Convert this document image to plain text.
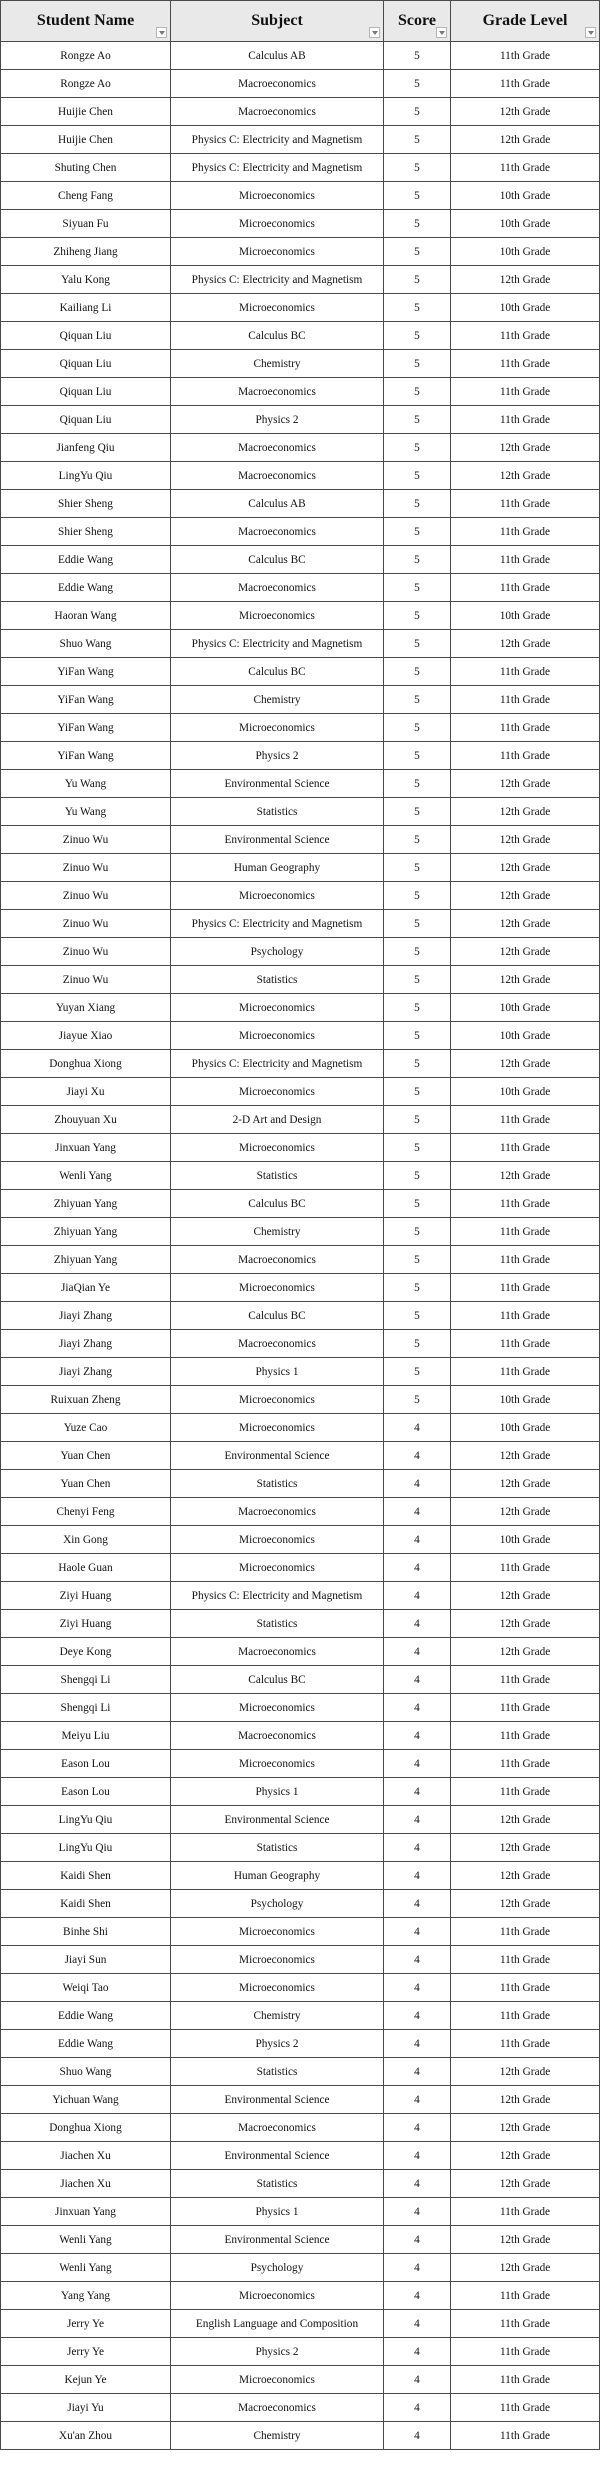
Student Name	Subject	Score	Grade Level

Rongze Ao	Calculus AB	5	11th Grade
Rongze Ao	Macroeconomics	5	11th Grade
Huijie Chen	Macroeconomics	5	12th Grade
Huijie Chen	Physics C: Electricity and Magnetism	5	12th Grade
Shuting Chen	Physics C: Electricity and Magnetism	5	11th Grade
Cheng Fang	Microeconomics	5	10th Grade
Siyuan Fu	Microeconomics	5	10th Grade
Zhiheng Jiang	Microeconomics	5	10th Grade
Yalu Kong	Physics C: Electricity and Magnetism	5	12th Grade
Kailiang Li	Microeconomics	5	10th Grade
Qiquan Liu	Calculus BC	5	11th Grade
Qiquan Liu	Chemistry	5	11th Grade
Qiquan Liu	Macroeconomics	5	11th Grade
Qiquan Liu	Physics 2	5	11th Grade
Jianfeng Qiu	Macroeconomics	5	12th Grade
LingYu Qiu	Macroeconomics	5	12th Grade
Shier Sheng	Calculus AB	5	11th Grade
Shier Sheng	Macroeconomics	5	11th Grade
Eddie Wang	Calculus BC	5	11th Grade
Eddie Wang	Macroeconomics	5	11th Grade
Haoran Wang	Microeconomics	5	10th Grade
Shuo Wang	Physics C: Electricity and Magnetism	5	12th Grade
YiFan Wang	Calculus BC	5	11th Grade
YiFan Wang	Chemistry	5	11th Grade
YiFan Wang	Microeconomics	5	11th Grade
YiFan Wang	Physics 2	5	11th Grade
Yu Wang	Environmental Science	5	12th Grade
Yu Wang	Statistics	5	12th Grade
Zinuo Wu	Environmental Science	5	12th Grade
Zinuo Wu	Human Geography	5	12th Grade
Zinuo Wu	Microeconomics	5	12th Grade
Zinuo Wu	Physics C: Electricity and Magnetism	5	12th Grade
Zinuo Wu	Psychology	5	12th Grade
Zinuo Wu	Statistics	5	12th Grade
Yuyan Xiang	Microeconomics	5	10th Grade
Jiayue Xiao	Microeconomics	5	10th Grade
Donghua Xiong	Physics C: Electricity and Magnetism	5	12th Grade
Jiayi Xu	Microeconomics	5	10th Grade
Zhouyuan Xu	2-D Art and Design	5	11th Grade
Jinxuan Yang	Microeconomics	5	11th Grade
Wenli Yang	Statistics	5	12th Grade
Zhiyuan Yang	Calculus BC	5	11th Grade
Zhiyuan Yang	Chemistry	5	11th Grade
Zhiyuan Yang	Macroeconomics	5	11th Grade
JiaQian Ye	Microeconomics	5	11th Grade
Jiayi Zhang	Calculus BC	5	11th Grade
Jiayi Zhang	Macroeconomics	5	11th Grade
Jiayi Zhang	Physics 1	5	11th Grade
Ruixuan Zheng	Microeconomics	5	10th Grade
Yuze Cao	Microeconomics	4	10th Grade
Yuan Chen	Environmental Science	4	12th Grade
Yuan Chen	Statistics	4	12th Grade
Chenyi Feng	Macroeconomics	4	12th Grade
Xin Gong	Microeconomics	4	10th Grade
Haole Guan	Microeconomics	4	11th Grade
Ziyi Huang	Physics C: Electricity and Magnetism	4	12th Grade
Ziyi Huang	Statistics	4	12th Grade
Deye Kong	Macroeconomics	4	12th Grade
Shengqi Li	Calculus BC	4	11th Grade
Shengqi Li	Microeconomics	4	11th Grade
Meiyu Liu	Macroeconomics	4	11th Grade
Eason Lou	Microeconomics	4	11th Grade
Eason Lou	Physics 1	4	11th Grade
LingYu Qiu	Environmental Science	4	12th Grade
LingYu Qiu	Statistics	4	12th Grade
Kaidi Shen	Human Geography	4	12th Grade
Kaidi Shen	Psychology	4	12th Grade
Binhe Shi	Microeconomics	4	11th Grade
Jiayi Sun	Microeconomics	4	11th Grade
Weiqi Tao	Microeconomics	4	11th Grade
Eddie Wang	Chemistry	4	11th Grade
Eddie Wang	Physics 2	4	11th Grade
Shuo Wang	Statistics	4	12th Grade
Yichuan Wang	Environmental Science	4	12th Grade
Donghua Xiong	Macroeconomics	4	12th Grade
Jiachen Xu	Environmental Science	4	12th Grade
Jiachen Xu	Statistics	4	12th Grade
Jinxuan Yang	Physics 1	4	11th Grade
Wenli Yang	Environmental Science	4	12th Grade
Wenli Yang	Psychology	4	12th Grade
Yang Yang	Microeconomics	4	11th Grade
Jerry Ye	English Language and Composition	4	11th Grade
Jerry Ye	Physics 2	4	11th Grade
Kejun Ye	Microeconomics	4	11th Grade
Jiayi Yu	Macroeconomics	4	11th Grade
Xu'an Zhou	Chemistry	4	11th Grade
